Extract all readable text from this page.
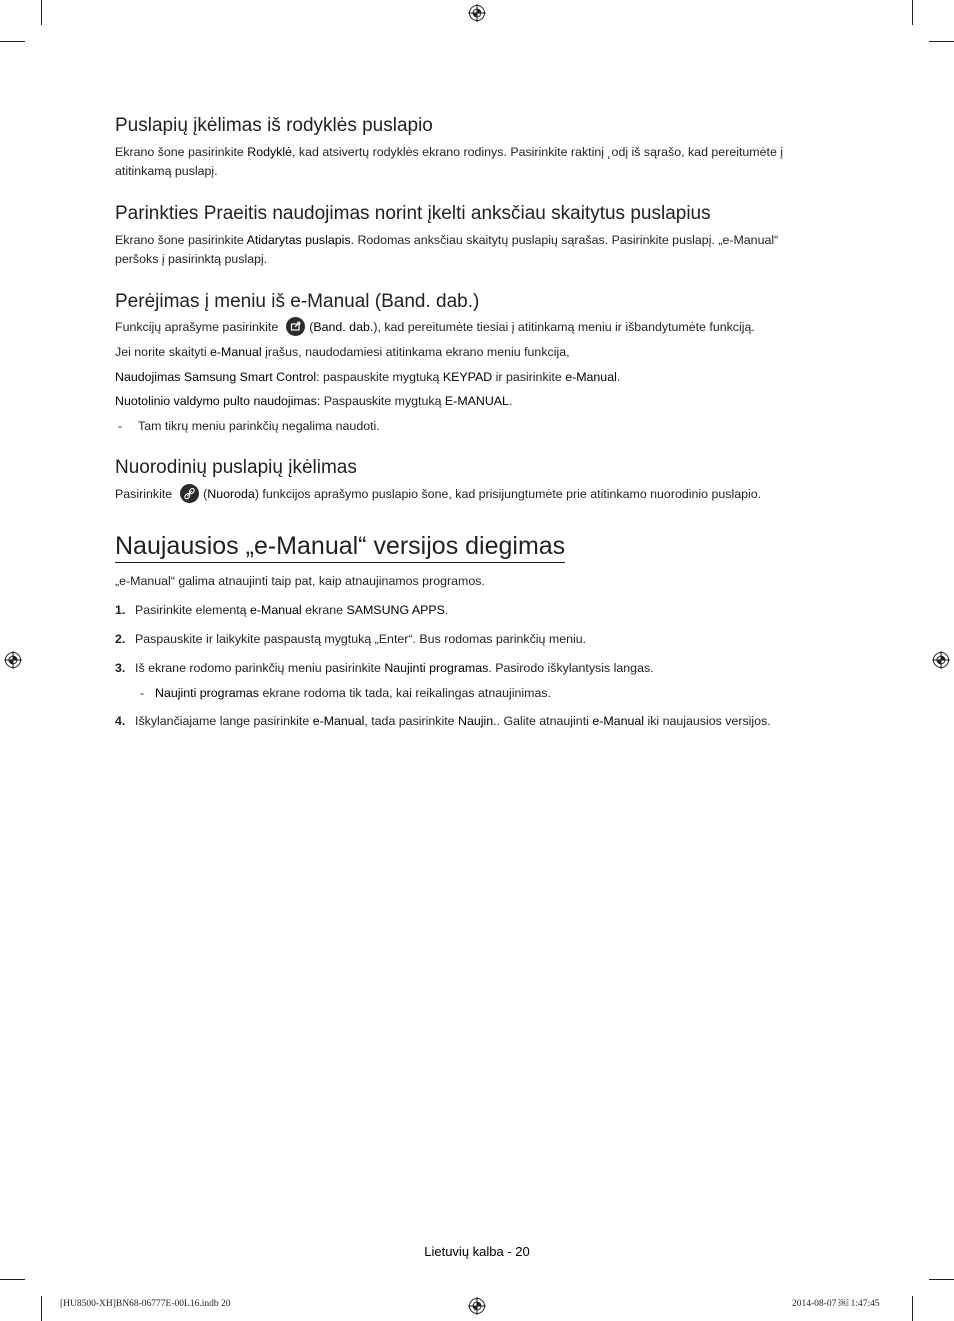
Puslapių įkėlimas iš rodyklės puslapio
Ekrano šone pasirinkite Rodyklė, kad atsivertų rodyklės ekrano rodinys. Pasirinkite raktinį ˛odį iš sąrašo, kad pereitumėte į atitinkamą puslapį.
Parinkties Praeitis naudojimas norint įkelti anksčiau skaitytus puslapius
Ekrano šone pasirinkite Atidarytas puslapis. Rodomas anksčiau skaitytų puslapių sąrašas. Pasirinkite puslapį. „e-Manual“ peršoks į pasirinktą puslapį.
Perėjimas į meniu iš e-Manual (Band. dab.)
Funkcijų aprašyme pasirinkite	(Band. dab.), kad pereitumėte tiesiai į atitinkamą meniu ir išbandytumėte funkciją.
Jei norite skaityti e-Manual įrašus, naudodamiesi atitinkama ekrano meniu funkcija,
Naudojimas Samsung Smart Control: paspauskite mygtuką KEYPAD ir pasirinkite e-Manual.
Nuotolinio valdymo pulto naudojimas: Paspauskite mygtuką E-MANUAL.
- Tam tikrų meniu parinkčių negalima naudoti.
Nuorodinių puslapių įkėlimas
Pasirinkite	(Nuoroda) funkcijos aprašymo puslapio šone, kad prisijungtumėte prie atitinkamo nuorodinio puslapio.
Naujausios „e-Manual“ versijos diegimas
„e-Manual“ galima atnaujinti taip pat, kaip atnaujinamos programos.
1. Pasirinkite elementą e-Manual ekrane SAMSUNG APPS.
2. Paspauskite ir laikykite paspaustą mygtuką „Enter“. Bus rodomas parinkčių meniu.
3. Iš ekrane rodomo parinkčių meniu pasirinkite Naujinti programas. Pasirodo iškylantysis langas.
- Naujinti programas ekrane rodoma tik tada, kai reikalingas atnaujinimas.
4. Iškylančiajame lange pasirinkite e-Manual, tada pasirinkite Naujin.. Galite atnaujinti e-Manual iki naujausios versijos.
Lietuvių kalba - 20
[HU8500-XH]BN68-06777E-00L16.indb 20	2014-08-07 ￼ 1:47:45
